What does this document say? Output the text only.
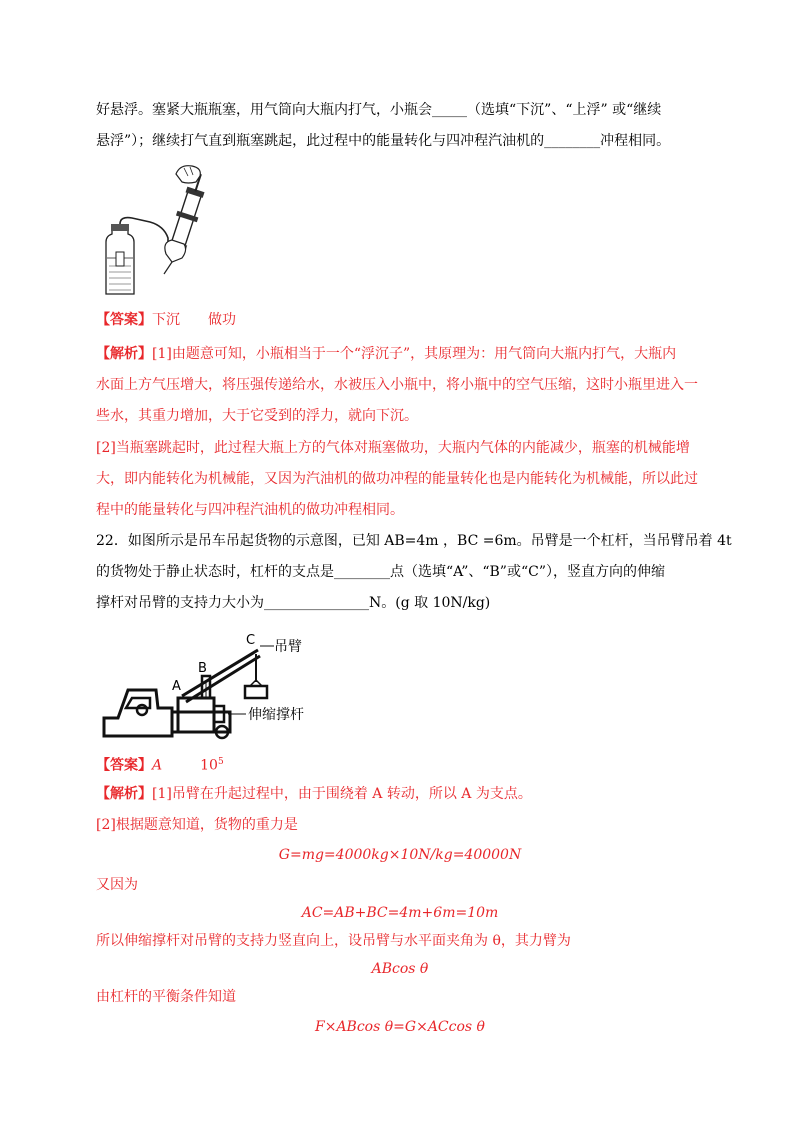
好悬浮。塞紧大瓶瓶塞，用气筒向大瓶内打气，小瓶会_____（选填“下沉”、“上浮” 或“继续
悬浮”）；继续打气直到瓶塞跳起，此过程中的能量转化与四冲程汽油机的________冲程相同。
【答案】下沉　　做功
【解析】[1]由题意可知，小瓶相当于一个“浮沉子”，其原理为：用气筒向大瓶内打气，大瓶内
水面上方气压增大，将压强传递给水，水被压入小瓶中，将小瓶中的空气压缩，这时小瓶里进入一
些水，其重力增加，大于它受到的浮力，就向下沉。
[2]当瓶塞跳起时，此过程大瓶上方的气体对瓶塞做功，大瓶内气体的内能减少，瓶塞的机械能增
大，即内能转化为机械能，又因为汽油机的做功冲程的能量转化也是内能转化为机械能，所以此过
程中的能量转化与四冲程汽油机的做功冲程相同。
22．如图所示是吊车吊起货物的示意图，已知 AB=4m ，BC =6m。吊臂是一个杠杆，当吊臂吊着 4t
的货物处于静止状态时，杠杆的支点是________点（选填“A”、“B”或“C”），竖直方向的伸缩
撑杆对吊臂的支持力大小为_______________N。(g 取 10N/kg)
C
B
A
吊臂
伸缩撑杆
【答案】A	$10^5$
【解析】[1]吊臂在升起过程中，由于围绕着 A 转动，所以 A 为支点。
[2]根据题意知道，货物的重力是
G=mg=4000kg×10N/kg=40000N
又因为
AC=AB+BC=4m+6m=10m
所以伸缩撑杆对吊臂的支持力竖直向上，设吊臂与水平面夹角为 θ，其力臂为
ABcos θ
由杠杆的平衡条件知道
F×ABcos θ=G×ACcos θ
